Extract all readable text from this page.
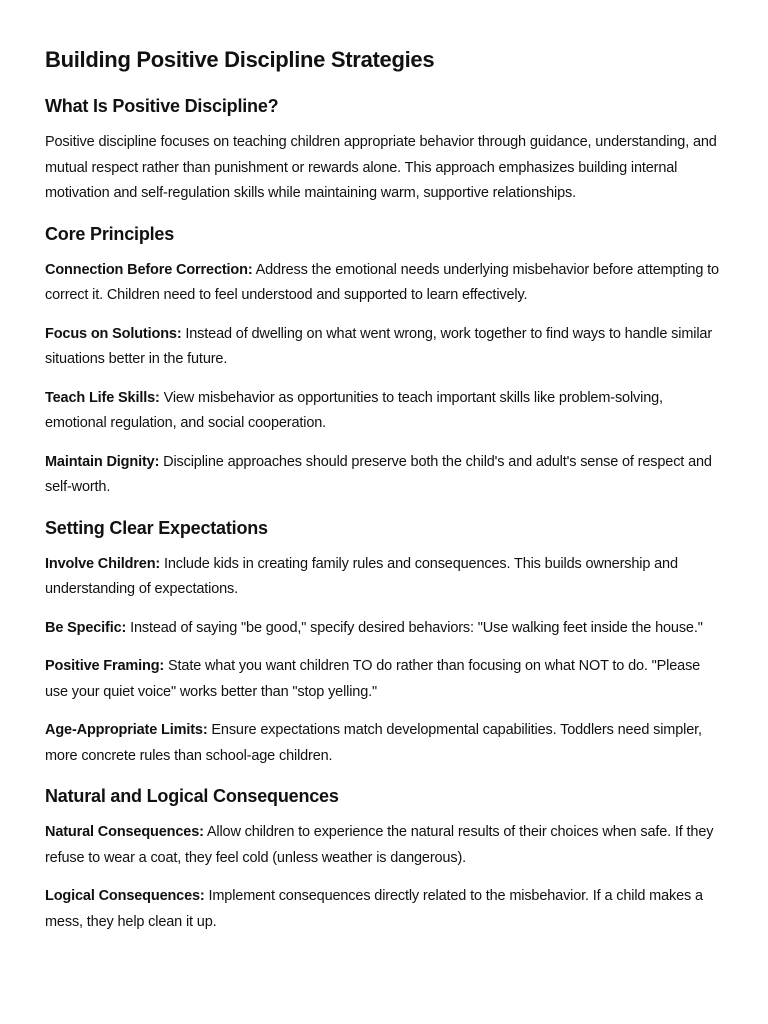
Building Positive Discipline Strategies
What Is Positive Discipline?

Positive discipline focuses on teaching children appropriate behavior through guidance, understanding, and mutual respect rather than punishment or rewards alone. This approach emphasizes building internal motivation and self-regulation skills while maintaining warm, supportive relationships.

Core Principles

Connection Before Correction: Address the emotional needs underlying misbehavior before attempting to correct it. Children need to feel understood and supported to learn effectively.

Focus on Solutions: Instead of dwelling on what went wrong, work together to find ways to handle similar situations better in the future.

Teach Life Skills: View misbehavior as opportunities to teach important skills like problem-solving, emotional regulation, and social cooperation.

Maintain Dignity: Discipline approaches should preserve both the child's and adult's sense of respect and self-worth.

Setting Clear Expectations

Involve Children: Include kids in creating family rules and consequences. This builds ownership and understanding of expectations.

Be Specific: Instead of saying "be good," specify desired behaviors: "Use walking feet inside the house."

Positive Framing: State what you want children TO do rather than focusing on what NOT to do. "Please use your quiet voice" works better than "stop yelling."

Age-Appropriate Limits: Ensure expectations match developmental capabilities. Toddlers need simpler, more concrete rules than school-age children.

Natural and Logical Consequences

Natural Consequences: Allow children to experience the natural results of their choices when safe. If they refuse to wear a coat, they feel cold (unless weather is dangerous).

Logical Consequences: Implement consequences directly related to the misbehavior. If a child makes a mess, they help clean it up.
